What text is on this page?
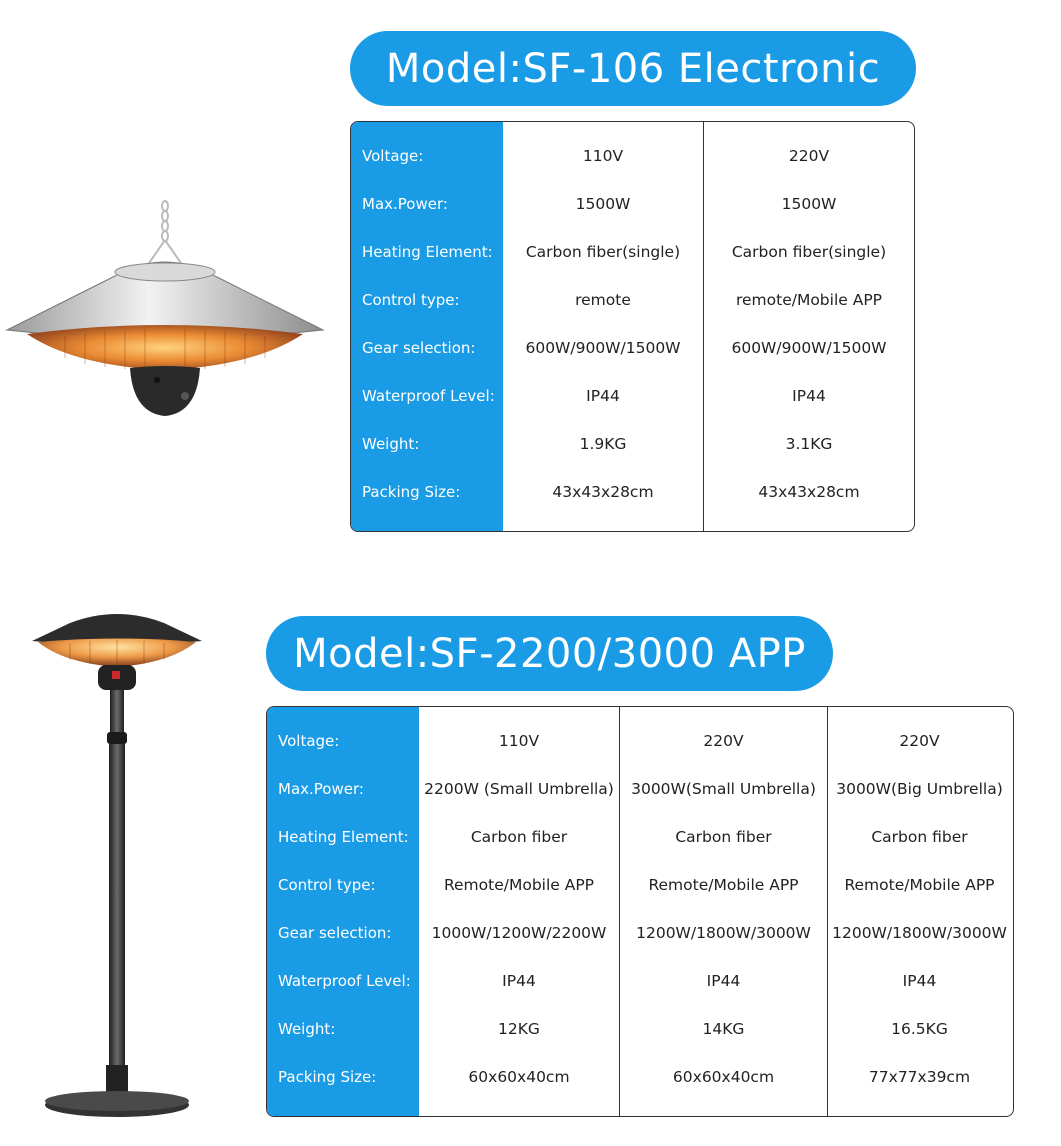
Model:SF-106 Electronic
Voltage:
Max.Power:
Heating Element:
Control type:
Gear selection:
Waterproof Level:
Weight:
Packing Size:
110V
1500W
Carbon fiber(single)
remote
600W/900W/1500W
IP44
1.9KG
43x43x28cm
220V
1500W
Carbon fiber(single)
remote/Mobile APP
600W/900W/1500W
IP44
3.1KG
43x43x28cm
Model:SF-2200/3000 APP
Voltage:
Max.Power:
Heating Element:
Control type:
Gear selection:
Waterproof Level:
Weight:
Packing Size:
110V
2200W (Small Umbrella)
Carbon fiber
Remote/Mobile APP
1000W/1200W/2200W
IP44
12KG
60x60x40cm
220V
3000W(Small Umbrella)
Carbon fiber
Remote/Mobile APP
1200W/1800W/3000W
IP44
14KG
60x60x40cm
220V
3000W(Big Umbrella)
Carbon fiber
Remote/Mobile APP
1200W/1800W/3000W
IP44
16.5KG
77x77x39cm
